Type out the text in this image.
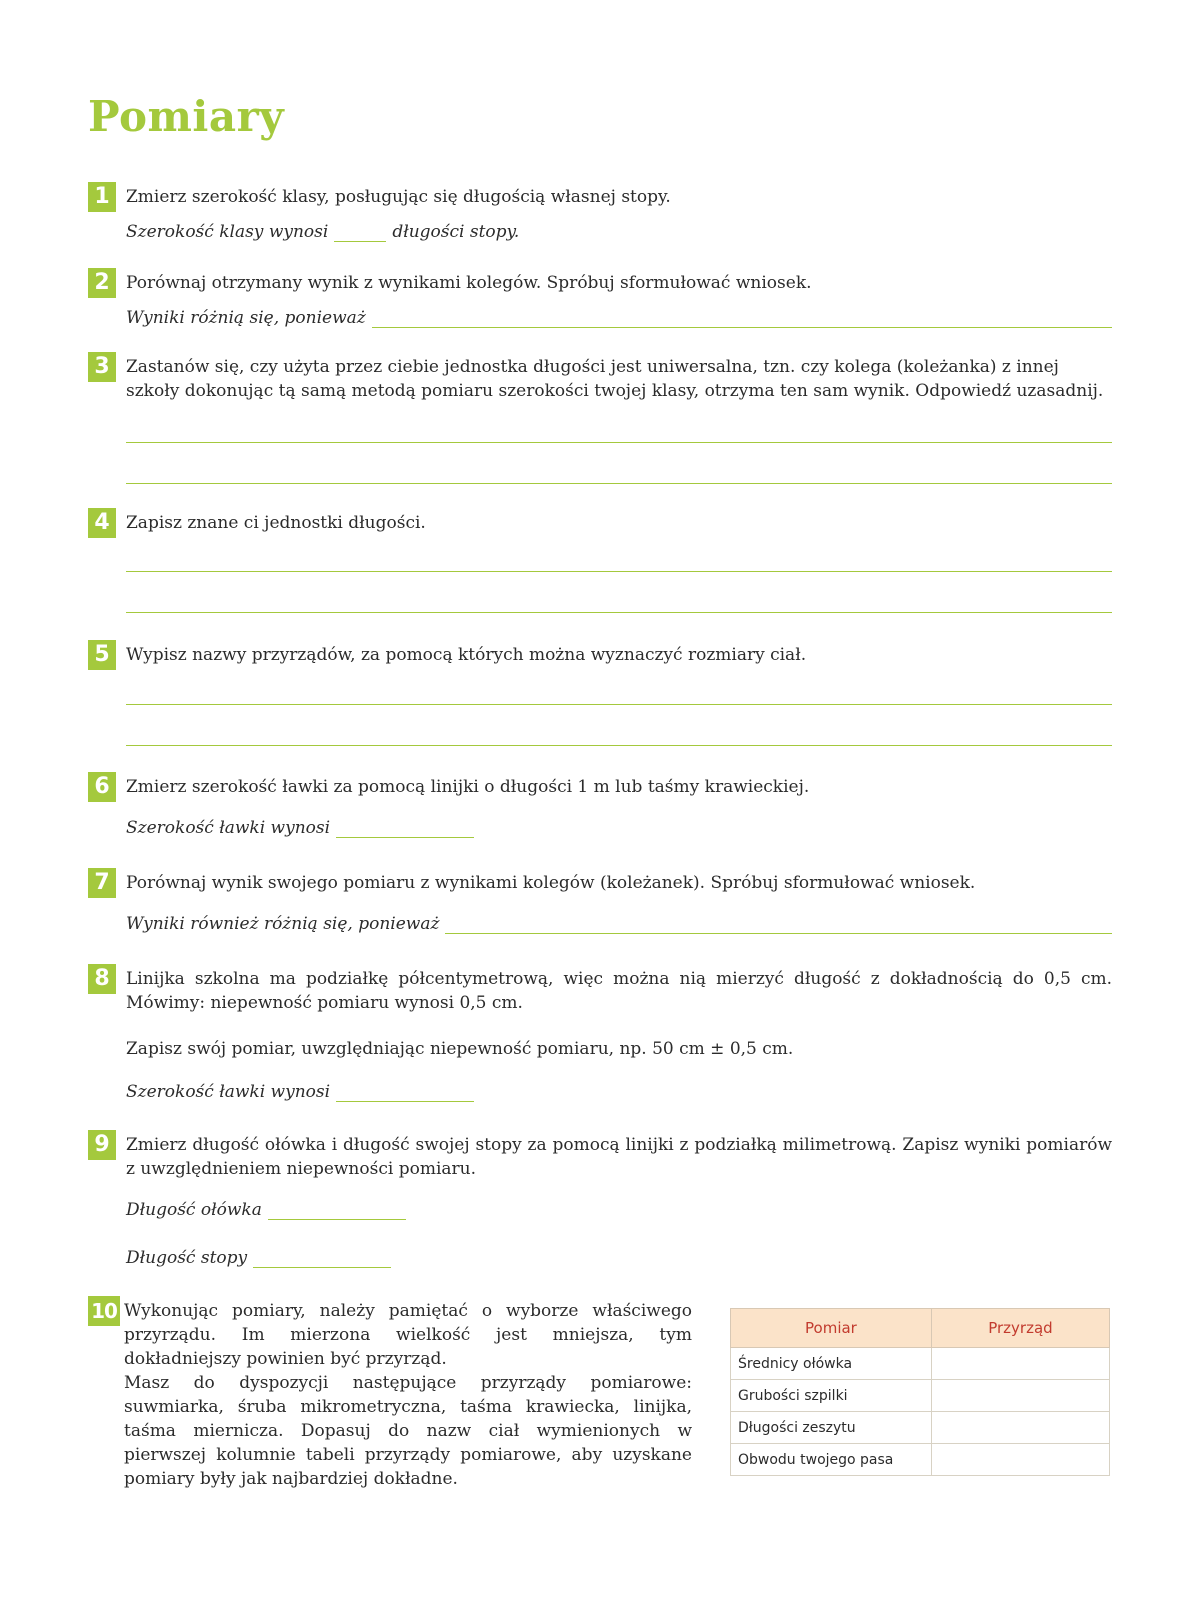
Pomiary
1 Zmierz szerokość klasy, posługując się długością własnej stopy.
Szerokość klasy wynosi	długości stopy.
2 Porównaj otrzymany wynik z wynikami kolegów. Spróbuj sformułować wniosek.
Wyniki różnią się, ponieważ
3 Zastanów się, czy użyta przez ciebie jednostka długości jest uniwersalna, tzn. czy kolega (koleżanka) z innej szkoły dokonując tą samą metodą pomiaru szerokości twojej klasy, otrzyma ten sam wynik. Odpowiedź uzasadnij.
4 Zapisz znane ci jednostki długości.
5 Wypisz nazwy przyrządów, za pomocą których można wyznaczyć rozmiary ciał.
6 Zmierz szerokość ławki za pomocą linijki o długości 1 m lub taśmy krawieckiej.
Szerokość ławki wynosi
7 Porównaj wynik swojego pomiaru z wynikami kolegów (koleżanek). Spróbuj sformułować wniosek.
Wyniki również różnią się, ponieważ
8 Linijka szkolna ma podziałkę półcentymetrową, więc można nią mierzyć długość z dokładnością do 0,5 cm. Mówimy: niepewność pomiaru wynosi 0,5 cm.

Zapisz swój pomiar, uwzględniając niepewność pomiaru, np. 50 cm ± 0,5 cm.

Szerokość ławki wynosi
9 Zmierz długość ołówka i długość swojej stopy za pomocą linijki z podziałką milimetrową. Zapisz wyniki pomiarów z uwzględnieniem niepewności pomiaru.
Długość ołówka
Długość stopy
10 Wykonując pomiary, należy pamiętać o wyborze właściwego przyrządu. Im mierzona wielkość jest mniejsza, tym dokładniejszy powinien być przyrząd.
Masz do dyspozycji następujące przyrządy pomiarowe: suwmiarka, śruba mikrometryczna, taśma krawiecka, linijka, taśma miernicza. Dopasuj do nazw ciał wymienionych w pierwszej kolumnie tabeli przyrządy pomiarowe, aby uzyskane pomiary były jak najbardziej dokładne.
Pomiar	Przyrząd
Średnicy ołówka	
Grubości szpilki	
Długości zeszytu	
Obwodu twojego pasa	
